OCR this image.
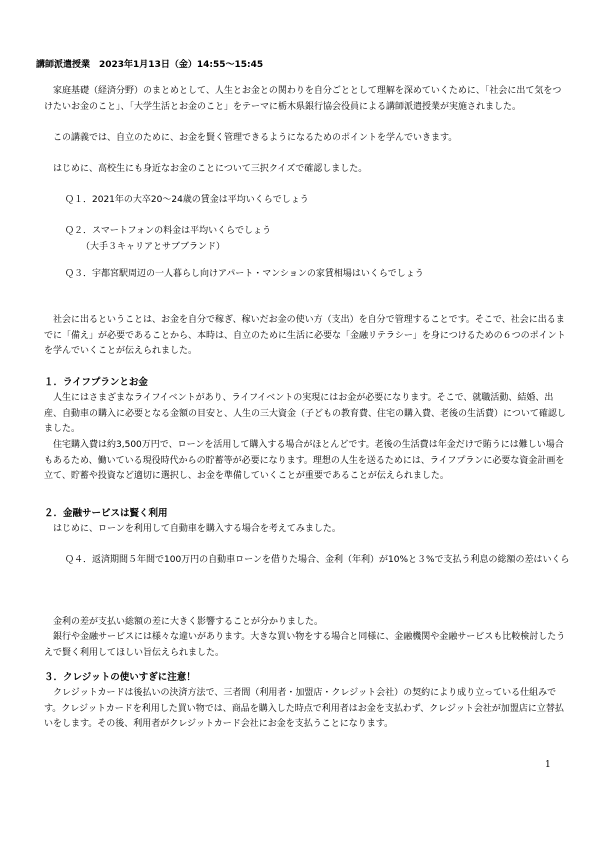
講師派遣授業　2023年1月13日（金）14:55～15:45

家庭基礎（経済分野）のまとめとして、人生とお金との関わりを自分ごととして理解を深めていくために、「社会に出て気をつけたいお金のこと」、「大学生活とお金のこと」をテーマに栃木県銀行協会役員による講師派遣授業が実施されました。

この講義では、自立のために、お金を賢く管理できるようになるためのポイントを学んでいきます。

はじめに、高校生にも身近なお金のことについて三択クイズで確認しました。

Ｑ１．2021年の大卒20～24歳の賃金は平均いくらでしょう
Ｑ２．スマートフォンの料金は平均いくらでしょう
（大手３キャリアとサブブランド）
Ｑ３．宇都宮駅周辺の一人暮らし向けアパート・マンションの家賃相場はいくらでしょう

社会に出るということは、お金を自分で稼ぎ、稼いだお金の使い方（支出）を自分で管理することです。そこで、社会に出るまでに「備え」が必要であることから、本時は、自立のために生活に必要な「金融リテラシー」を身につけるための６つのポイントを学んでいくことが伝えられました。

１．ライフプランとお金

人生にはさまざまなライフイベントがあり、ライフイベントの実現にはお金が必要になります。そこで、就職活動、結婚、出産、自動車の購入に必要となる金額の目安と、人生の三大資金（子どもの教育費、住宅の購入費、老後の生活費）について確認しました。

住宅購入費は約3,500万円で、ローンを活用して購入する場合がほとんどです。老後の生活費は年金だけで賄うには難しい場合もあるため、働いている現役時代からの貯蓄等が必要になります。理想の人生を送るためには、ライフプランに必要な資金計画を立て、貯蓄や投資など適切に選択し、お金を準備していくことが重要であることが伝えられました。

２．金融サービスは賢く利用

はじめに、ローンを利用して自動車を購入する場合を考えてみました。

Ｑ４．返済期間５年間で100万円の自動車ローンを借りた場合、金利（年利）が10%と３%で支払う利息の総額の差はいくら

金利の差が支払い総額の差に大きく影響することが分かりました。

銀行や金融サービスには様々な違いがあります。大きな買い物をする場合と同様に、金融機関や金融サービスも比較検討したうえで賢く利用してほしい旨伝えられました。

３．クレジットの使いすぎに注意！

クレジットカードは後払いの決済方法で、三者間（利用者・加盟店・クレジット会社）の契約により成り立っている仕組みです。クレジットカードを利用した買い物では、商品を購入した時点で利用者はお金を支払わず、クレジット会社が加盟店に立替払いをします。その後、利用者がクレジットカード会社にお金を支払うことになります。

1
